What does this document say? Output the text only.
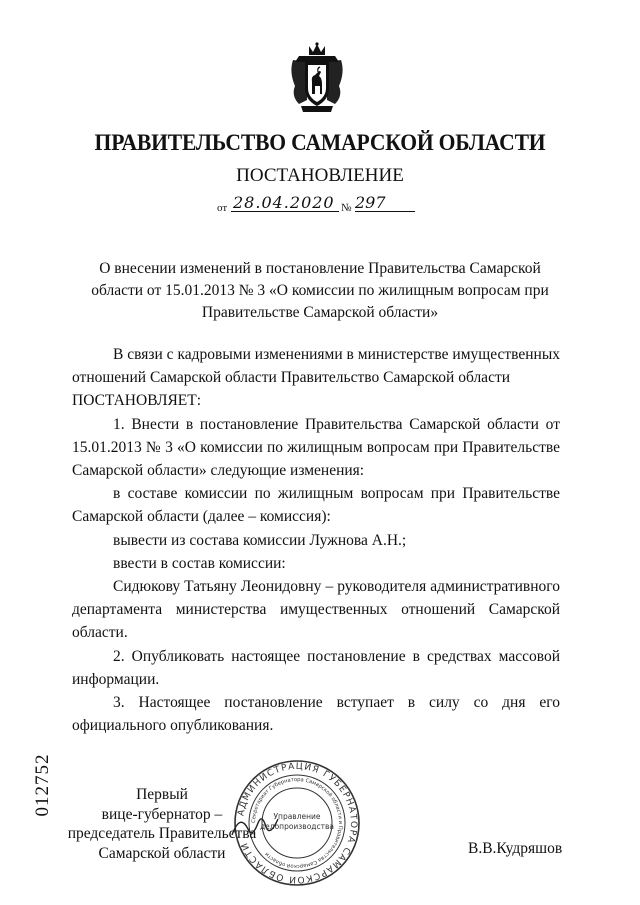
ПРАВИТЕЛЬСТВО САМАРСКОЙ ОБЛАСТИ
ПОСТАНОВЛЕНИЕ
от 28.04.2020 № 297
О внесении изменений в постановление Правительства Самарской области от 15.01.2013 № 3 «О комиссии по жилищным вопросам при Правительстве Самарской области»

В связи с кадровыми изменениями в министерстве имущественных отношений Самарской области Правительство Самарской области

ПОСТАНОВЛЯЕТ:

1. Внести в постановление Правительства Самарской области от 15.01.2013 № 3 «О комиссии по жилищным вопросам при Правительстве Самарской области» следующие изменения:

в составе комиссии по жилищным вопросам при Правительстве Самарской области (далее – комиссия):

вывести из состава комиссии Лужнова А.Н.;

ввести в состав комиссии:

Сидюкову Татьяну Леонидовну – руководителя административного департамента министерства имущественных отношений Самарской области.

2. Опубликовать настоящее постановление в средствах массовой информации.

3. Настоящее постановление вступает в силу со дня его официального опубликования.

АДМИНИСТРАЦИЯ ГУБЕРНАТОРА САМАРСКОЙ ОБЛАСТИ
Секретариат Губернатора Самарской области и Правительства Самарской области
Управление
делопроизводства
Первый
вице-губернатор –
председатель Правительства
Самарской области	В.В.Кудряшов
012752
